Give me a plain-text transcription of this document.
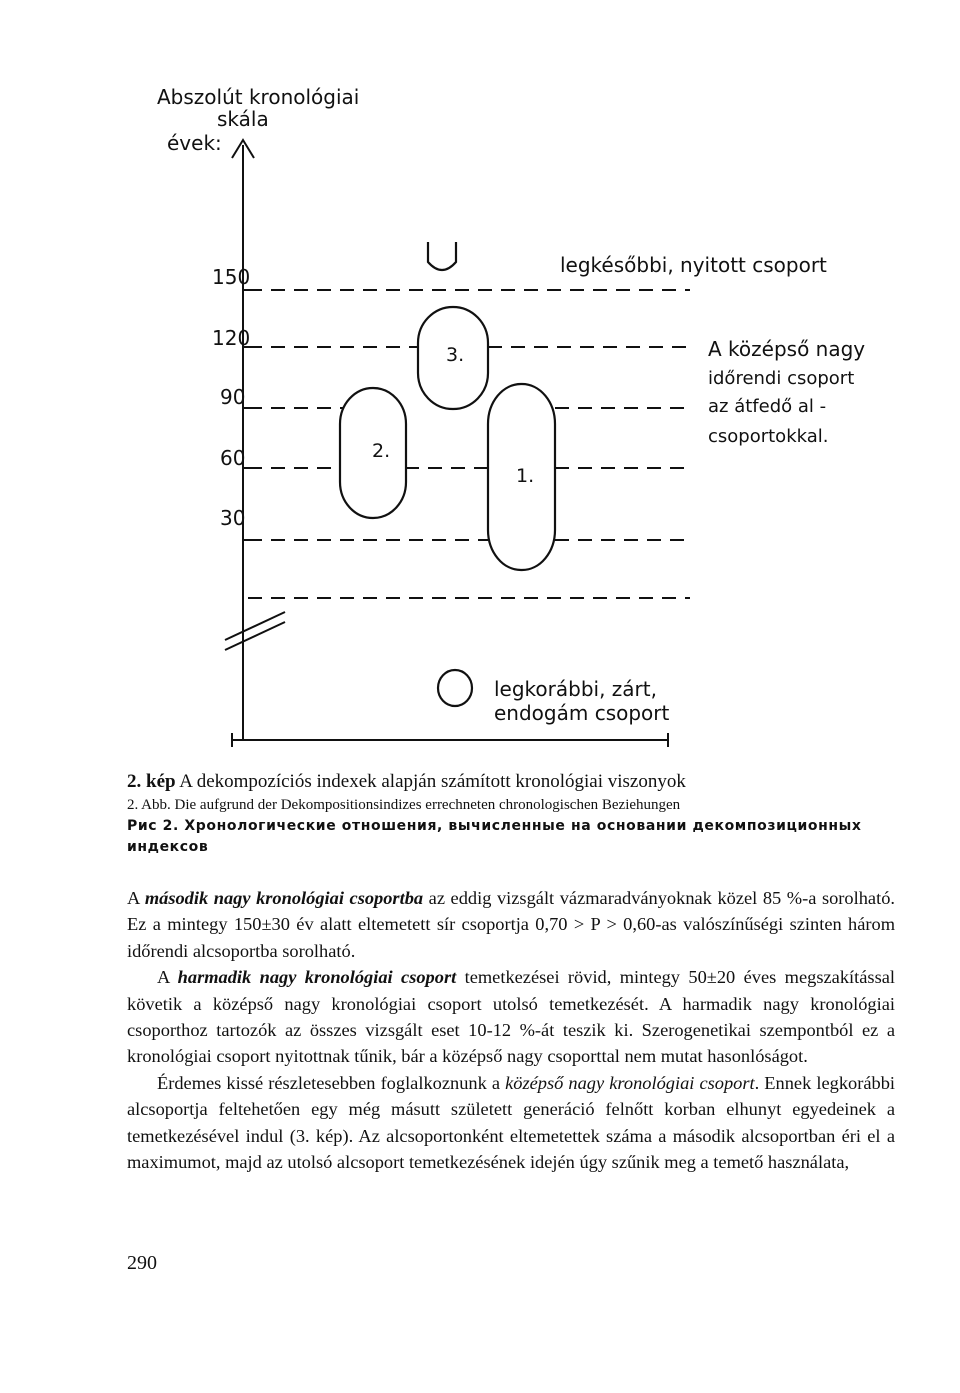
Abszolút kronológiai
skála
évek:
150
120
90
60
30
3.
2.
1.
legkésőbbi, nyitott csoport
A középső nagy
időrendi csoport
az átfedő al -
csoportokkal.
legkorábbi, zárt,
endogám csoport

2. kép A dekompozíciós indexek alapján számított kronológiai viszonyok

2. Abb. Die aufgrund der Dekompositionsindizes errechneten chronologischen Beziehungen

Рис 2. Хронологические отношения, вычисленные на основании декомпозиционных индексов

A második nagy kronológiai csoportba az eddig vizsgált vázmaradványoknak közel 85 %-a sorolható. Ez a mintegy 150±30 év alatt eltemetett sír csoportja 0,70 > P > 0,60-as valószínűségi szinten három időrendi alcsoportba sorolható.

A harmadik nagy kronológiai csoport temetkezései rövid, mintegy 50±20 éves megszakítással követik a középső nagy kronológiai csoport utolsó temetkezését. A harmadik nagy kronológiai csoporthoz tartozók az összes vizsgált eset 10-12 %-át teszik ki. Szerogenetikai szempontból ez a kronológiai csoport nyitottnak tűnik, bár a középső nagy csoporttal nem mutat hasonlóságot.

Érdemes kissé részletesebben foglalkoznunk a középső nagy kronológiai csoport. Ennek legkorábbi alcsoportja feltehetően egy még másutt született generáció felnőtt korban elhunyt egyedeinek a temetkezésével indul (3. kép). Az alcsoportonként eltemetettek száma a második alcsoportban éri el a maximumot, majd az utolsó alcsoport temetkezésének idején úgy szűnik meg a temető használata,

290
